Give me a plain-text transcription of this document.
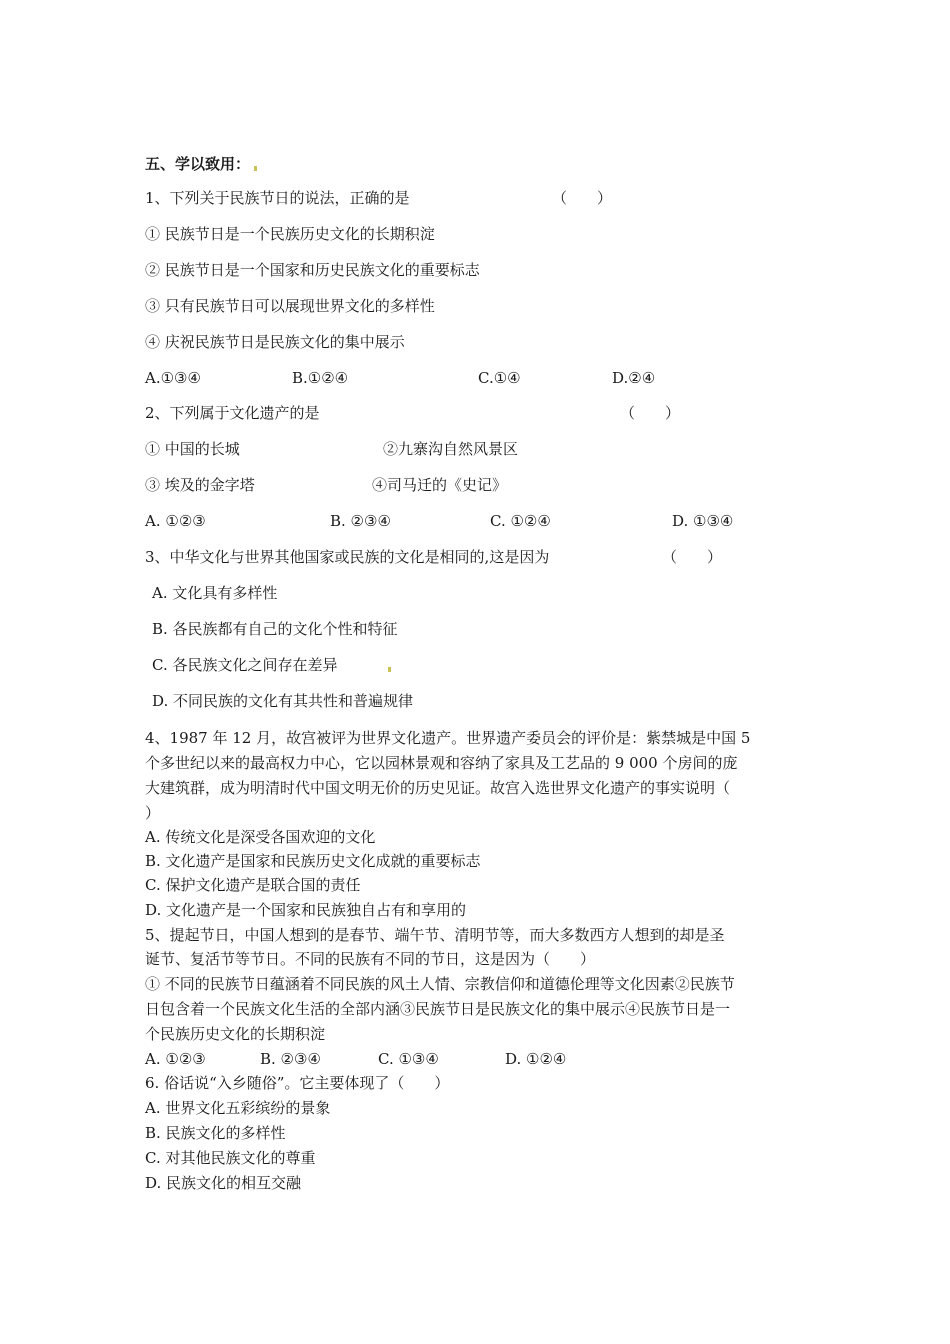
五、学以致用：
1、下列关于民族节日的说法，正确的是	（　　）
① 民族节日是一个民族历史文化的长期积淀
② 民族节日是一个国家和历史民族文化的重要标志
③ 只有民族节日可以展现世界文化的多样性
④ 庆祝民族节日是民族文化的集中展示
A.①③④	B.①②④	C.①④	D.②④
2、下列属于文化遗产的是	（　　）
① 中国的长城	②九寨沟自然风景区
③ 埃及的金字塔	④司马迁的《史记》
A. ①②③	B. ②③④	C. ①②④	D. ①③④
3、中华文化与世界其他国家或民族的文化是相同的,这是因为	（　　）
A. 文化具有多样性
B. 各民族都有自己的文化个性和特征
C. 各民族文化之间存在差异
D. 不同民族的文化有其共性和普遍规律
4、1987 年 12 月，故宫被评为世界文化遗产。世界遗产委员会的评价是：紫禁城是中国 5
个多世纪以来的最高权力中心，它以园林景观和容纳了家具及工艺品的 9 000 个房间的庞
大建筑群，成为明清时代中国文明无价的历史见证。故宫入选世界文化遗产的事实说明（
）
A. 传统文化是深受各国欢迎的文化
B. 文化遗产是国家和民族历史文化成就的重要标志
C. 保护文化遗产是联合国的责任
D. 文化遗产是一个国家和民族独自占有和享用的
5、提起节日，中国人想到的是春节、端午节、清明节等，而大多数西方人想到的却是圣
诞节、复活节等节日。不同的民族有不同的节日，这是因为（　　）
① 不同的民族节日蕴涵着不同民族的风土人情、宗教信仰和道德伦理等文化因素②民族节
日包含着一个民族文化生活的全部内涵③民族节日是民族文化的集中展示④民族节日是一
个民族历史文化的长期积淀
A. ①②③	B. ②③④	C. ①③④	D. ①②④
6. 俗话说“入乡随俗”。它主要体现了（　　）
A. 世界文化五彩缤纷的景象
B. 民族文化的多样性
C. 对其他民族文化的尊重
D. 民族文化的相互交融
